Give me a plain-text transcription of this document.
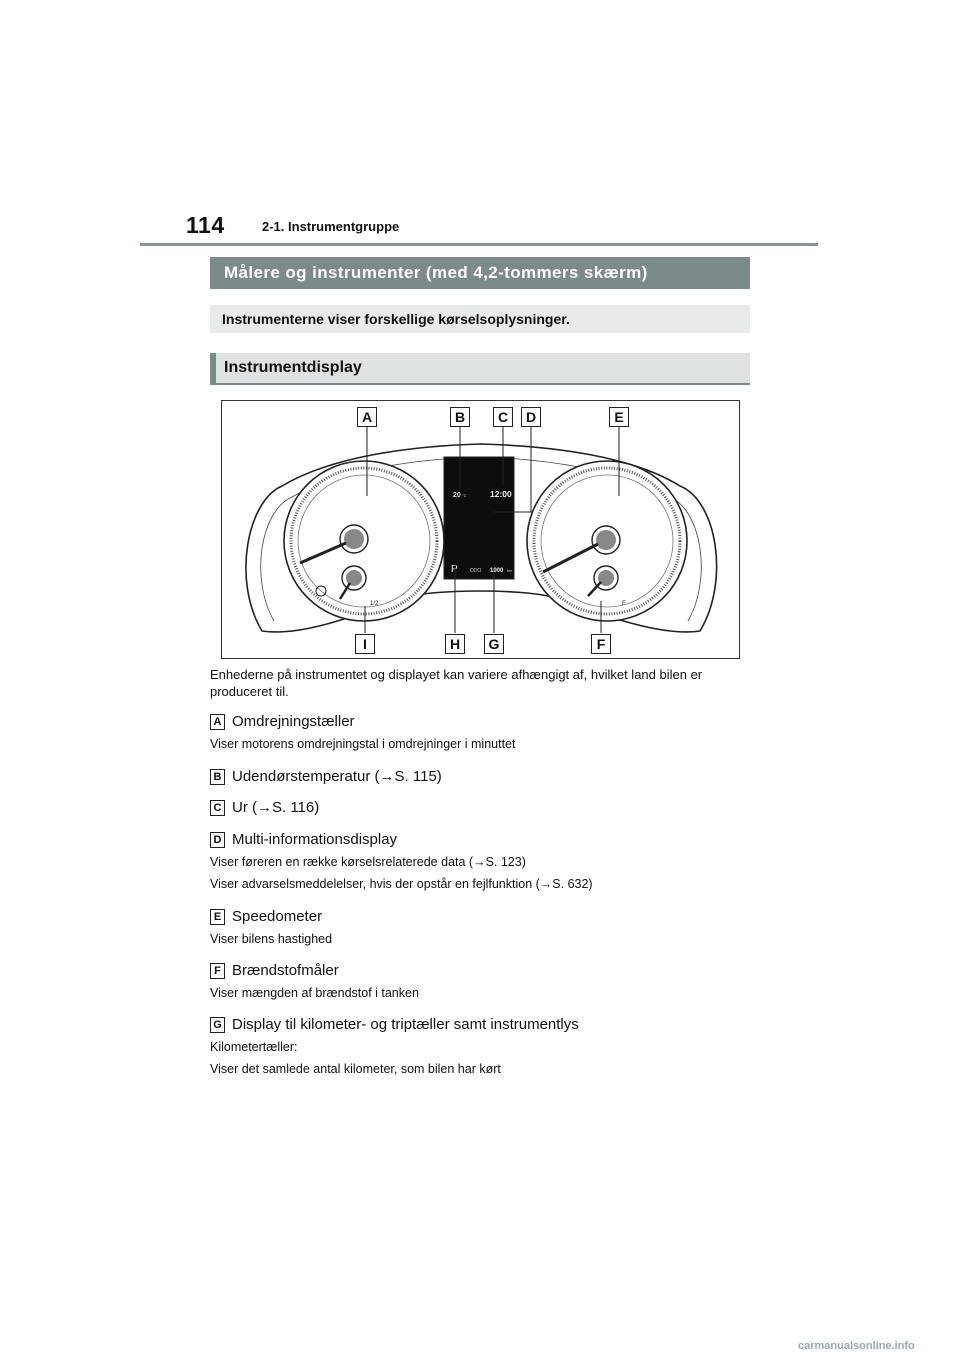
114	2-1. Instrumentgruppe
Målere og instrumenter (med 4,2-tommers skærm)
Instrumenterne viser forskellige kørselsoplysninger.
Instrumentdisplay
1/2	F
20 °C	12:00
P ODO 1000 km
A	B	C	D	E
I	H	G	F
Enhederne på instrumentet og displayet kan variere afhængigt af, hvilket land bilen er produceret til.
A Omdrejningstæller
Viser motorens omdrejningstal i omdrejninger i minuttet
B Udendørstemperatur (→S. 115)
C Ur (→S. 116)
D Multi-informationsdisplay
Viser føreren en række kørselsrelaterede data (→S. 123)
Viser advarselsmeddelelser, hvis der opstår en fejlfunktion (→S. 632)
E Speedometer
Viser bilens hastighed
F Brændstofmåler
Viser mængden af brændstof i tanken
G Display til kilometer- og triptæller samt instrumentlys
Kilometertæller:
Viser det samlede antal kilometer, som bilen har kørt
carmanualsonline.info
